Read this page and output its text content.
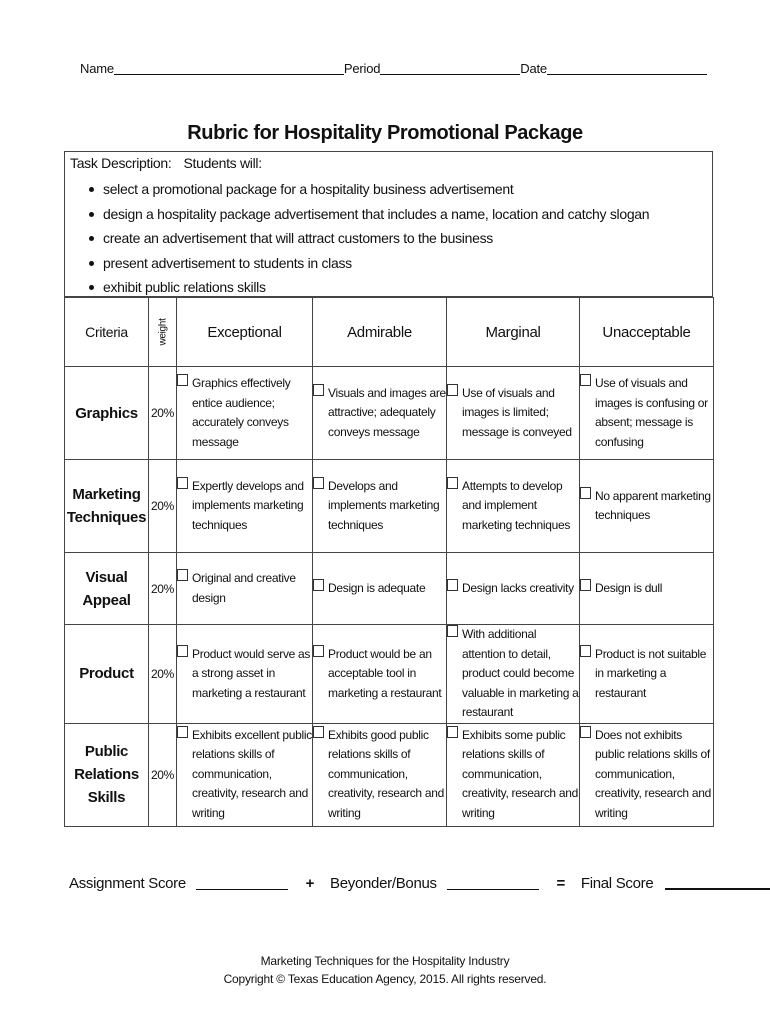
Name	Period	Date
Rubric for Hospitality Promotional Package
Task Description: Students will:
select a promotional package for a hospitality business advertisement
design a hospitality package advertisement that includes a name, location and catchy slogan
create an advertisement that will attract customers to the business
present advertisement to students in class
exhibit public relations skills
Criteria	weight	Exceptional	Admirable	Marginal	Unacceptable
Graphics	20%	Graphics effectively entice audience; accurately conveys message	Visuals and images are attractive; adequately conveys message	Use of visuals and images is limited; message is conveyed	Use of visuals and images is confusing or absent; message is confusing

Marketing Techniques	20%	Expertly develops and implements marketing techniques	Develops and implements marketing techniques	Attempts to develop and implement marketing techniques	No apparent marketing techniques

Visual Appeal	20%	Original and creative design	Design is adequate	Design lacks creativity	Design is dull

Product	20%	Product would serve as a strong asset in marketing a restaurant	Product would be an acceptable tool in marketing a restaurant	With additional attention to detail, product could become valuable in marketing a restaurant	Product is not suitable in marketing a restaurant

Public Relations Skills	20%	Exhibits excellent public relations skills of communication, creativity, research and writing	Exhibits good public relations skills of communication, creativity, research and writing	Exhibits some public relations skills of communication, creativity, research and writing	Does not exhibits public relations skills of communication, creativity, research and writing
Assignment Score	+ Beyonder/Bonus	= Final Score
Marketing Techniques for the Hospitality Industry
Copyright © Texas Education Agency, 2015. All rights reserved.
